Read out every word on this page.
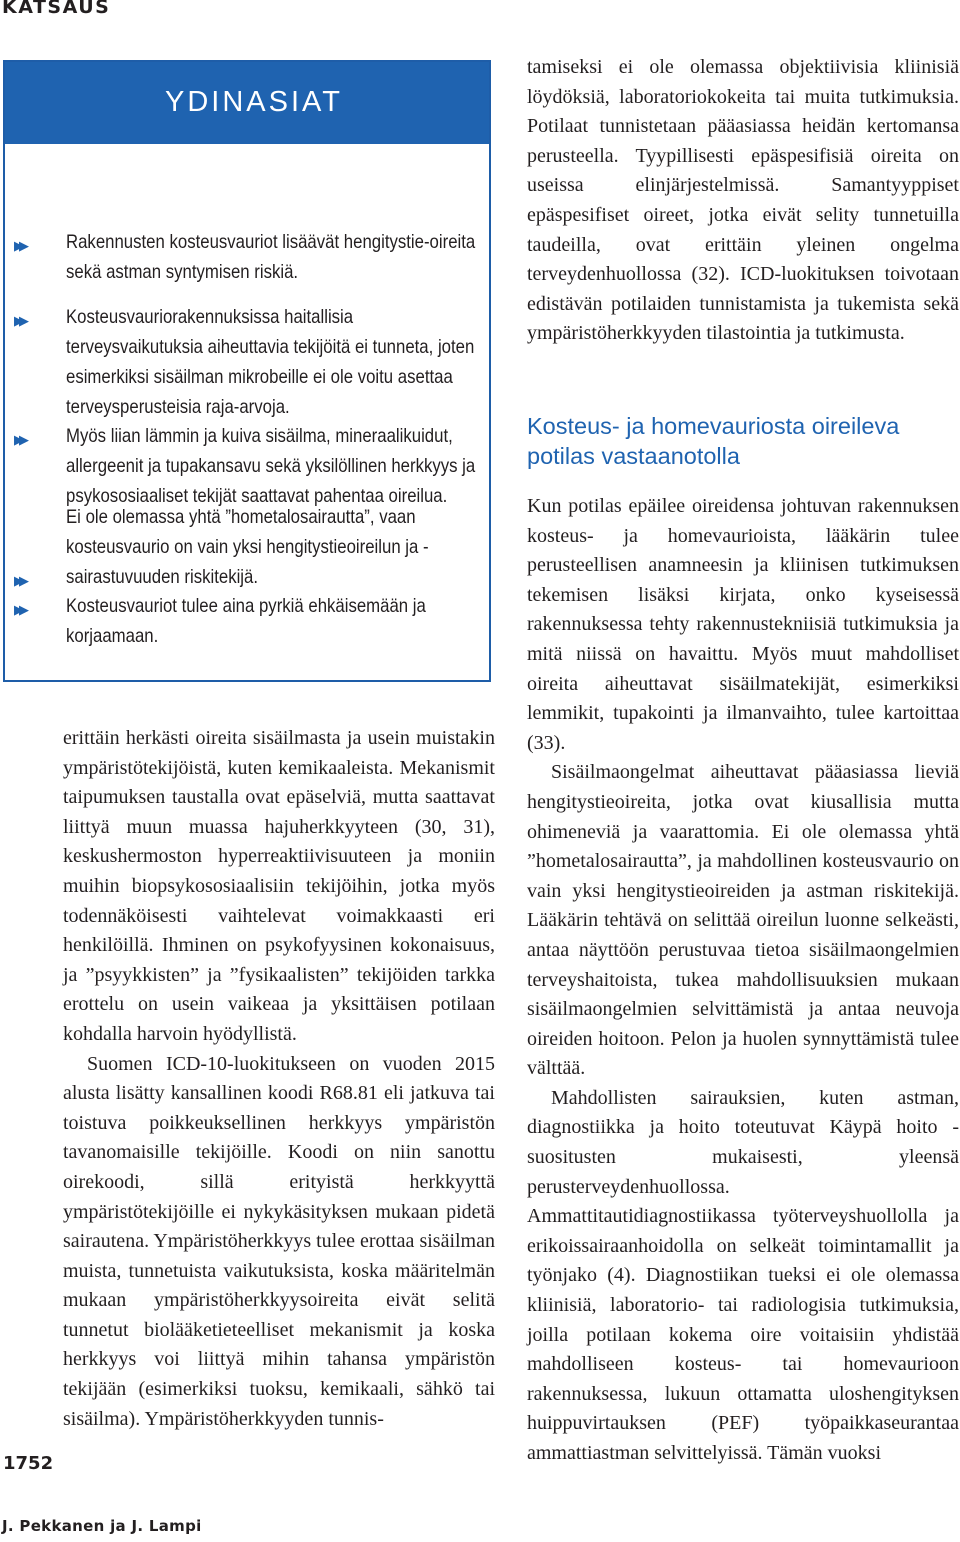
KATSAUS
YDINASIAT
▶▶	Rakennusten kosteusvauriot lisäävät hengitystie-oireita sekä astman syntymisen riskiä.
▶▶	Kosteusvauriorakennuksissa haitallisia terveysvaikutuksia aiheuttavia tekijöitä ei tunneta, joten esimerkiksi sisäilman mikrobeille ei ole voitu asettaa terveysperusteisia raja-arvoja.
▶▶	Myös liian lämmin ja kuiva sisäilma, mineraalikuidut, allergeenit ja tupakansavu sekä yksilöllinen herkkyys ja psykososiaaliset tekijät saattavat pahentaa oireilua.
▶▶
Ei ole olemassa yhtä ”hometalosairautta”, vaan kosteusvaurio on vain yksi hengitystieoireilun ja -sairastuvuuden riskitekijä.
▶▶	Kosteusvauriot tulee aina pyrkiä ehkäisemään ja korjaamaan.

erittäin herkästi oireita sisäilmasta ja usein muistakin ympäristötekijöistä, kuten kemikaaleista. Mekanismit taipumuksen taustalla ovat epäselviä, mutta saattavat liittyä muun muassa hajuherkkyyteen (30, 31), keskushermoston hyperreaktiivisuuteen ja moniin muihin biopsykososiaalisiin tekijöihin, jotka myös todennäköisesti vaihtelevat voimakkaasti eri henkilöillä. Ihminen on psykofyysinen kokonaisuus, ja ”psyykkisten” ja ”fysikaalisten” tekijöiden tarkka erottelu on usein vaikeaa ja yksittäisen potilaan kohdalla harvoin hyödyllistä.

Suomen ICD-10-luokitukseen on vuoden 2015 alusta lisätty kansallinen koodi R68.81 eli jatkuva tai toistuva poikkeuksellinen herkkyys ympäristön tavanomaisille tekijöille. Koodi on niin sanottu oirekoodi, sillä erityistä herkkyyttä ympäristötekijöille ei nykykäsityksen mukaan pidetä sairautena. Ympäristöherkkyys tulee erottaa sisäilman muista, tunnetuista vaikutuksista, koska määritelmän mukaan ympäristöherkkyysoireita eivät selitä tunnetut biolääketieteelliset mekanismit ja koska herkkyys voi liittyä mihin tahansa ympäristön tekijään (esimerkiksi tuoksu, kemikaali, sähkö tai sisäilma). Ympäristöherkkyyden tunnis-

tamiseksi ei ole olemassa objektiivisia kliinisiä löydöksiä, laboratoriokokeita tai muita tutkimuksia. Potilaat tunnistetaan pääasiassa heidän kertomansa perusteella. Tyypillisesti epäspesifisiä oireita on useissa elinjärjestelmissä. Samantyyppiset epäspesifiset oireet, jotka eivät selity tunnetuilla taudeilla, ovat erittäin yleinen ongelma terveydenhuollossa (32). ICD-luokituksen toivotaan edistävän potilaiden tunnistamista ja tukemista sekä ympäristöherkkyyden tilastointia ja tutkimusta.

Kosteus- ja homevauriosta oireileva potilas vastaanotolla

Kun potilas epäilee oireidensa johtuvan rakennuksen kosteus- ja homevaurioista, lääkärin tulee perusteellisen anamneesin ja kliinisen tutkimuksen tekemisen lisäksi kirjata, onko kyseisessä rakennuksessa tehty rakennustekniisiä tutkimuksia ja mitä niissä on havaittu. Myös muut mahdolliset oireita aiheuttavat sisäilmatekijät, esimerkiksi lemmikit, tupakointi ja ilmanvaihto, tulee kartoittaa (33).

Sisäilmaongelmat aiheuttavat pääasiassa lieviä hengitystieoireita, jotka ovat kiusallisia mutta ohimeneviä ja vaarattomia. Ei ole olemassa yhtä ”hometalosairautta”, ja mahdollinen kosteusvaurio on vain yksi hengitystieoireiden ja astman riskitekijä. Lääkärin tehtävä on selittää oireilun luonne selkeästi, antaa näyttöön perustuvaa tietoa sisäilmaongelmien terveyshaitoista, tukea mahdollisuuksien mukaan sisäilmaongelmien selvittämistä ja antaa neuvoja oireiden hoitoon. Pelon ja huolen synnyttämistä tulee välttää.

Mahdollisten sairauksien, kuten astman, diagnostiikka ja hoito toteutuvat Käypä hoito -suositusten mukaisesti, yleensä perusterveydenhuollossa. Ammattitautidiagnostiikassa työterveyshuollolla ja erikoissairaanhoidolla on selkeät toimintamallit ja työnjako (4). Diagnostiikan tueksi ei ole olemassa kliinisiä, laboratorio- tai radiologisia tutkimuksia, joilla potilaan kokema oire voitaisiin yhdistää mahdolliseen kosteus- tai homevaurioon rakennuksessa, lukuun ottamatta uloshengityksen huippuvirtauksen (PEF) työpaikkaseurantaa ammattiastman selvittelyissä. Tämän vuoksi

1752
J. Pekkanen ja J. Lampi
